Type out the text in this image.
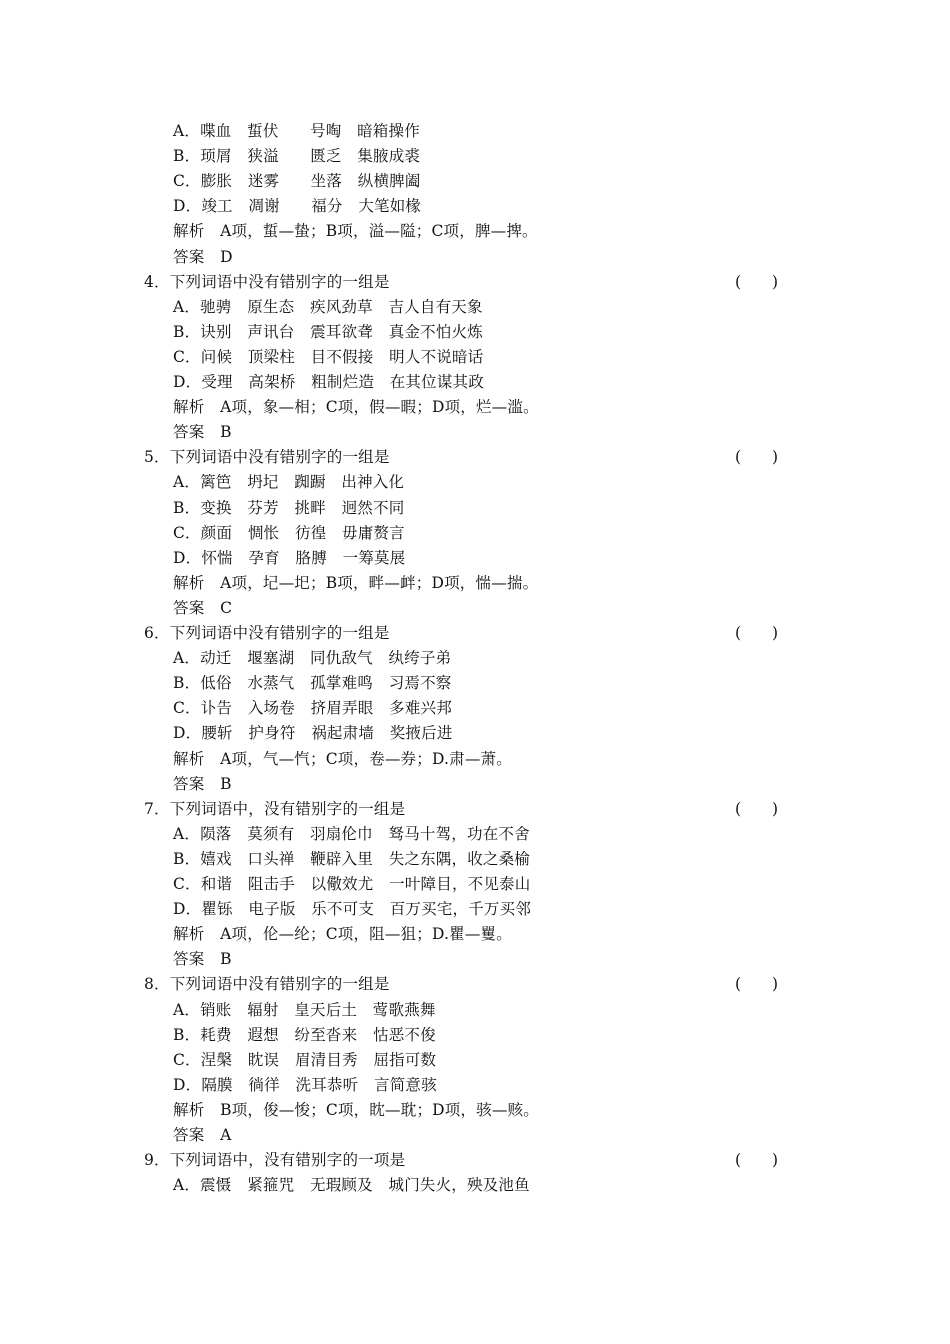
A．喋血　蜇伏　　号啕　暗箱操作
B．顼屑　狭溢　　匮乏　集腋成裘
C．膨胀　迷雾　　坐落　纵横脾阖
D．竣工　凋谢　　福分　大笔如椽
解析　A项，蜇—蛰；B项，溢—隘；C项，脾—捭。
答案　D
4．下列词语中没有错别字的一组是	(　　)
A．驰骋　原生态　疾风劲草　吉人自有天象
B．诀别　声讯台　震耳欲聋　真金不怕火炼
C．问候　顶梁柱　目不假接　明人不说暗话
D．受理　高架桥　粗制烂造　在其位谋其政
解析　A项，象—相；C项，假—暇；D项，烂—滥。
答案　B
5．下列词语中没有错别字的一组是	(　　)
A．篱笆　坍圮　踟蹰　出神入化
B．变换　芬芳　挑畔　迥然不同
C．颜面　惆怅　彷徨　毋庸赘言
D．怀惴　孕育　胳膊　一筹莫展
解析　A项，圮—圯；B项，畔—衅；D项，惴—揣。
答案　C
6．下列词语中没有错别字的一组是	(　　)
A．动迁　堰塞湖　同仇敌气　纨绔子弟
B．低俗　水蒸气　孤掌难鸣　习焉不察
C．讣告　入场卷　挤眉弄眼　多难兴邦
D．腰斩　护身符　祸起肃墙　奖掖后进
解析　A项，气—忾；C项，卷—券；D.肃—萧。
答案　B
7．下列词语中，没有错别字的一组是	(　　)
A．陨落　莫须有　羽扇伦巾　驽马十驾，功在不舍
B．嬉戏　口头禅　鞭辟入里　失之东隅，收之桑榆
C．和谐　阻击手　以儆效尤　一叶障目，不见泰山
D．瞿铄　电子版　乐不可支　百万买宅，千万买邻
解析　A项，伦—纶；C项，阻—狙；D.瞿—矍。
答案　B
8．下列词语中没有错别字的一组是	(　　)
A．销账　辐射　皇天后土　莺歌燕舞
B．耗费　遐想　纷至沓来　怙恶不俊
C．涅槃　眈误　眉清目秀　屈指可数
D．隔膜　徜徉　洗耳恭听　言简意骇
解析　B项，俊—悛；C项，眈—耽；D项，骇—赅。
答案　A
9．下列词语中，没有错别字的一项是	(　　)
A．震慑　紧箍咒　无瑕顾及　城门失火，殃及池鱼
